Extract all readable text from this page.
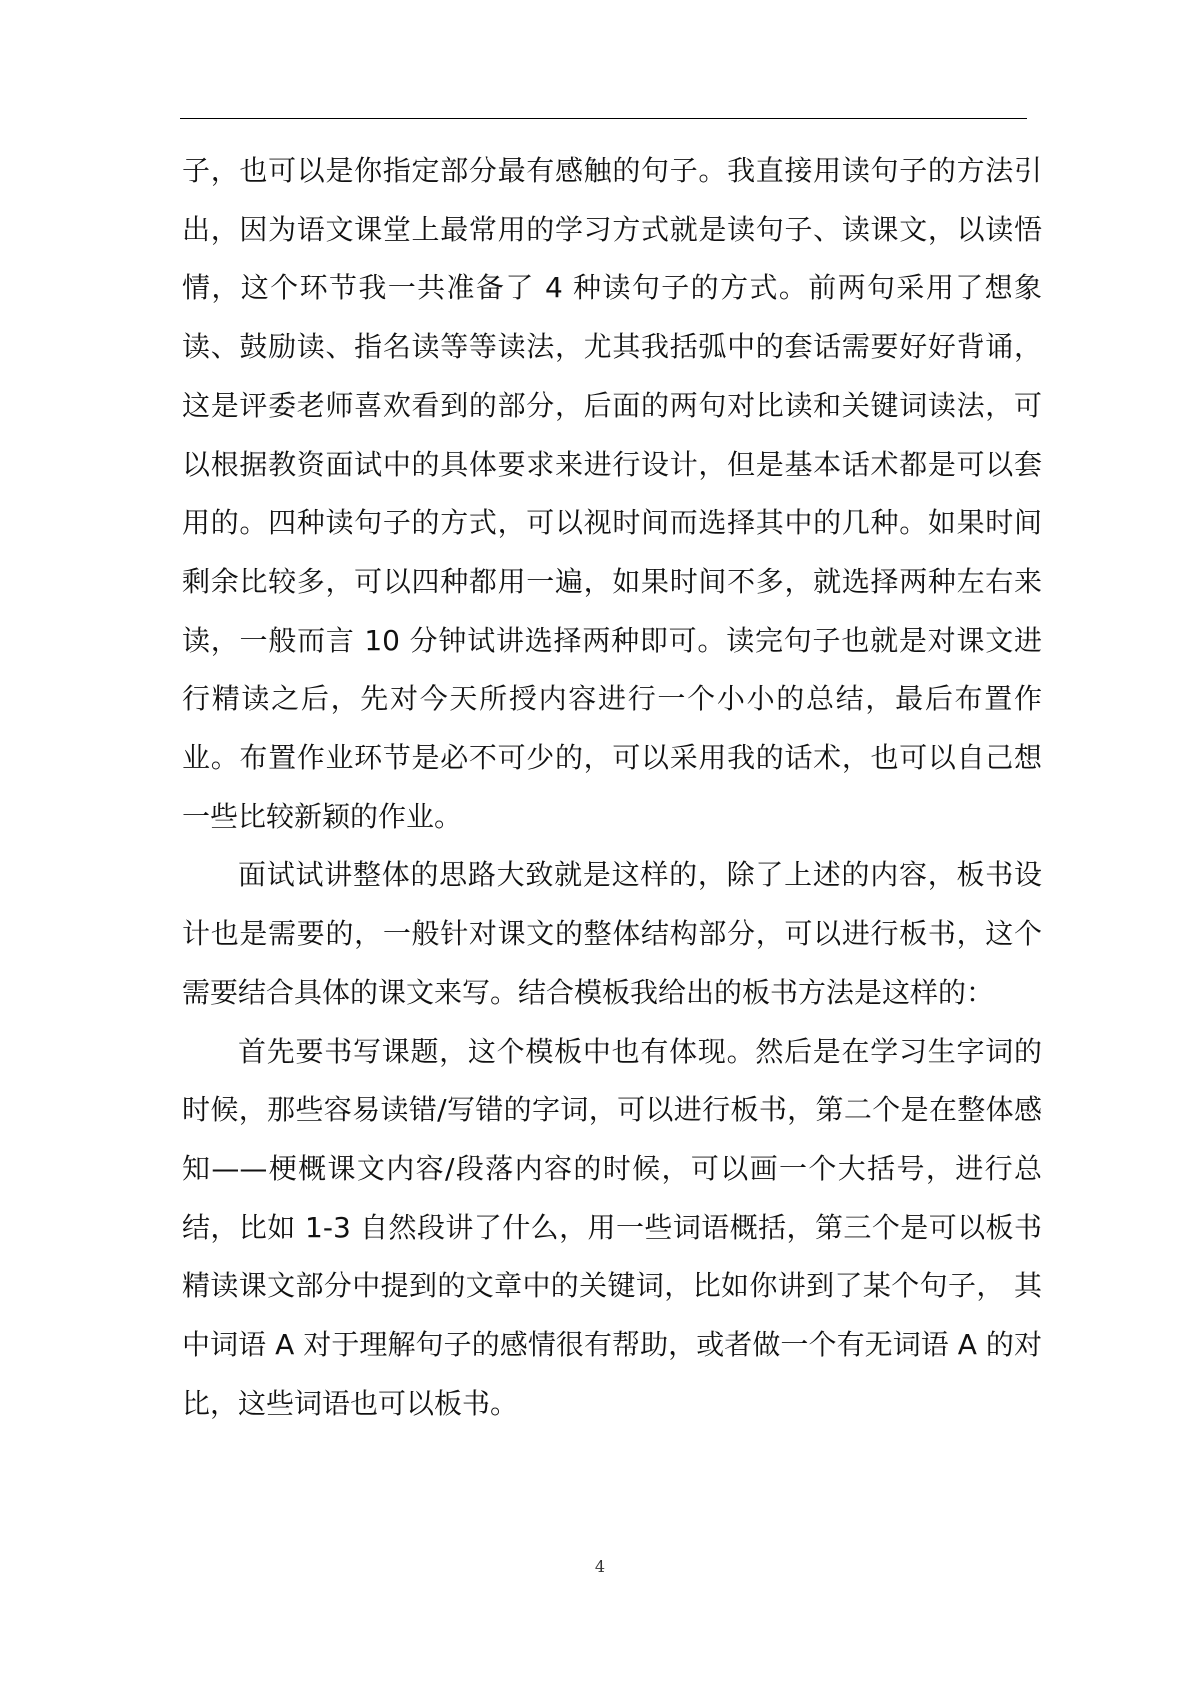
子，也可以是你指定部分最有感触的句子。我直接用读句子的方法引出，因为语文课堂上最常用的学习方式就是读句子、读课文，以读悟情，这个环节我一共准备了 4 种读句子的方式。前两句采用了想象读、鼓励读、指名读等等读法，尤其我括弧中的套话需要好好背诵，这是评委老师喜欢看到的部分，后面的两句对比读和关键词读法，可以根据教资面试中的具体要求来进行设计，但是基本话术都是可以套用的。四种读句子的方式，可以视时间而选择其中的几种。如果时间剩余比较多，可以四种都用一遍，如果时间不多，就选择两种左右来读，一般而言 10 分钟试讲选择两种即可。读完句子也就是对课文进行精读之后，先对今天所授内容进行一个小小的总结，最后布置作业。布置作业环节是必不可少的，可以采用我的话术，也可以自己想一些比较新颖的作业。

面试试讲整体的思路大致就是这样的，除了上述的内容，板书设计也是需要的，一般针对课文的整体结构部分，可以进行板书，这个需要结合具体的课文来写。结合模板我给出的板书方法是这样的：

首先要书写课题，这个模板中也有体现。然后是在学习生字词的时候，那些容易读错/写错的字词，可以进行板书，第二个是在整体感知——梗概课文内容/段落内容的时候，可以画一个大括号，进行总结，比如 1-3 自然段讲了什么，用一些词语概括，第三个是可以板书精读课文部分中提到的文章中的关键词，比如你讲到了某个句子， 其中词语 A 对于理解句子的感情很有帮助，或者做一个有无词语 A 的对比，这些词语也可以板书。

4
